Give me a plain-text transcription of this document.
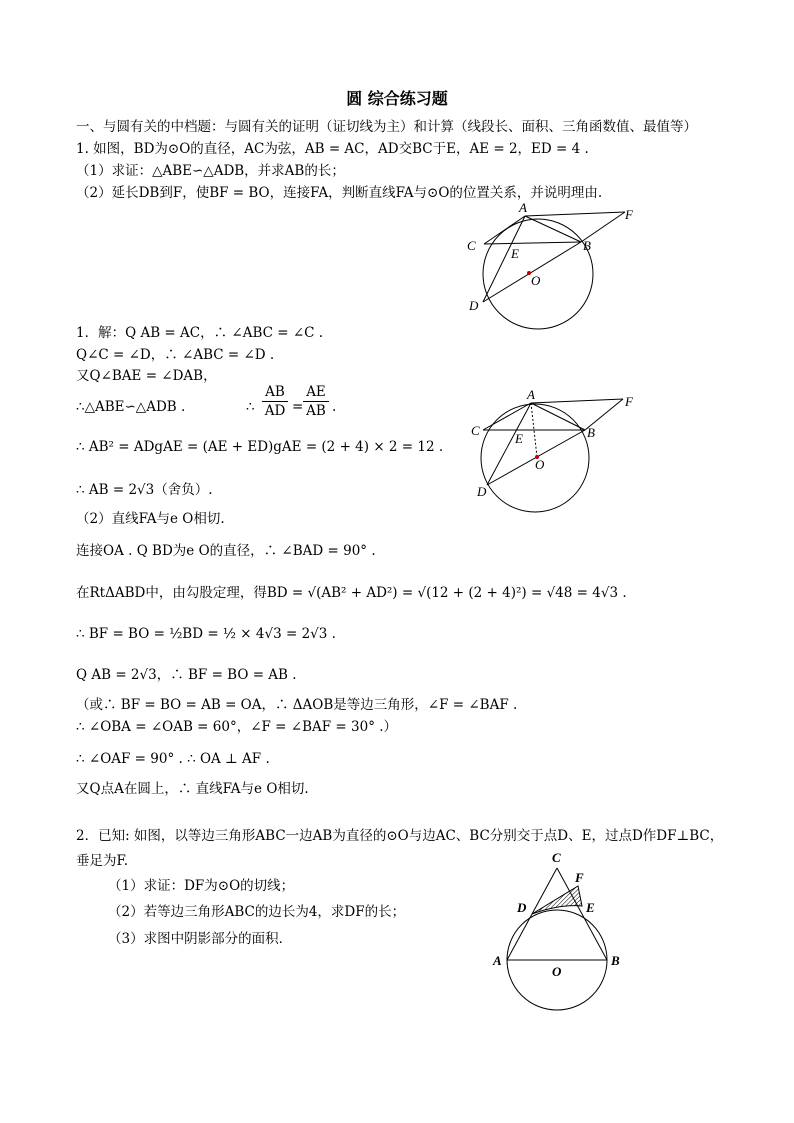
圆 综合练习题
一、与圆有关的中档题：与圆有关的证明（证切线为主）和计算（线段长、面积、三角函数值、最值等）
1. 如图，BD为⊙O的直径，AC为弦，AB = AC，AD交BC于E，AE = 2，ED = 4 .
（1）求证：△ABE∽△ADB，并求AB的长；
（2）延长DB到F，使BF = BO，连接FA，判断直线FA与⊙O的位置关系，并说明理由.
A	F
C	B
E
O
D
1．解：Q AB = AC，∴ ∠ABC = ∠C .
Q∠C = ∠D，∴ ∠ABC = ∠D .
又Q∠BAE = ∠DAB，
∴△ABE∽△ADB .	∴ $\frac{AB}{AD} = \frac{AE}{AB}$ .
∴ AB² = ADgAE = (AE + ED)gAE = (2 + 4) × 2 = 12 .
∴ AB = 2√3（舍负）.
（2）直线FA与e O相切.
连接OA . Q BD为e O的直径，∴ ∠BAD = 90° .
在RtΔABD中，由勾股定理，得BD = √(AB² + AD²) = √(12 + (2 + 4)²) = √48 = 4√3 .
∴ BF = BO = ½BD = ½ × 4√3 = 2√3 .
Q AB = 2√3，∴ BF = BO = AB .
（或∴ BF = BO = AB = OA，∴ ΔAOB是等边三角形，∠F = ∠BAF .
∴ ∠OBA = ∠OAB = 60°，∠F = ∠BAF = 30° .）
∴ ∠OAF = 90° . ∴ OA ⊥ AF .
又Q点A在圆上，∴ 直线FA与e O相切.
A	F
C	B
E
O
D
2．已知: 如图，以等边三角形ABC一边AB为直径的⊙O与边AC、BC分别交于点D、E，过点D作DF⊥BC，
垂足为F.
（1）求证：DF为⊙O的切线；
（2）若等边三角形ABC的边长为4，求DF的长；
（3）求图中阴影部分的面积．
C
F
D	E
A
O
B
